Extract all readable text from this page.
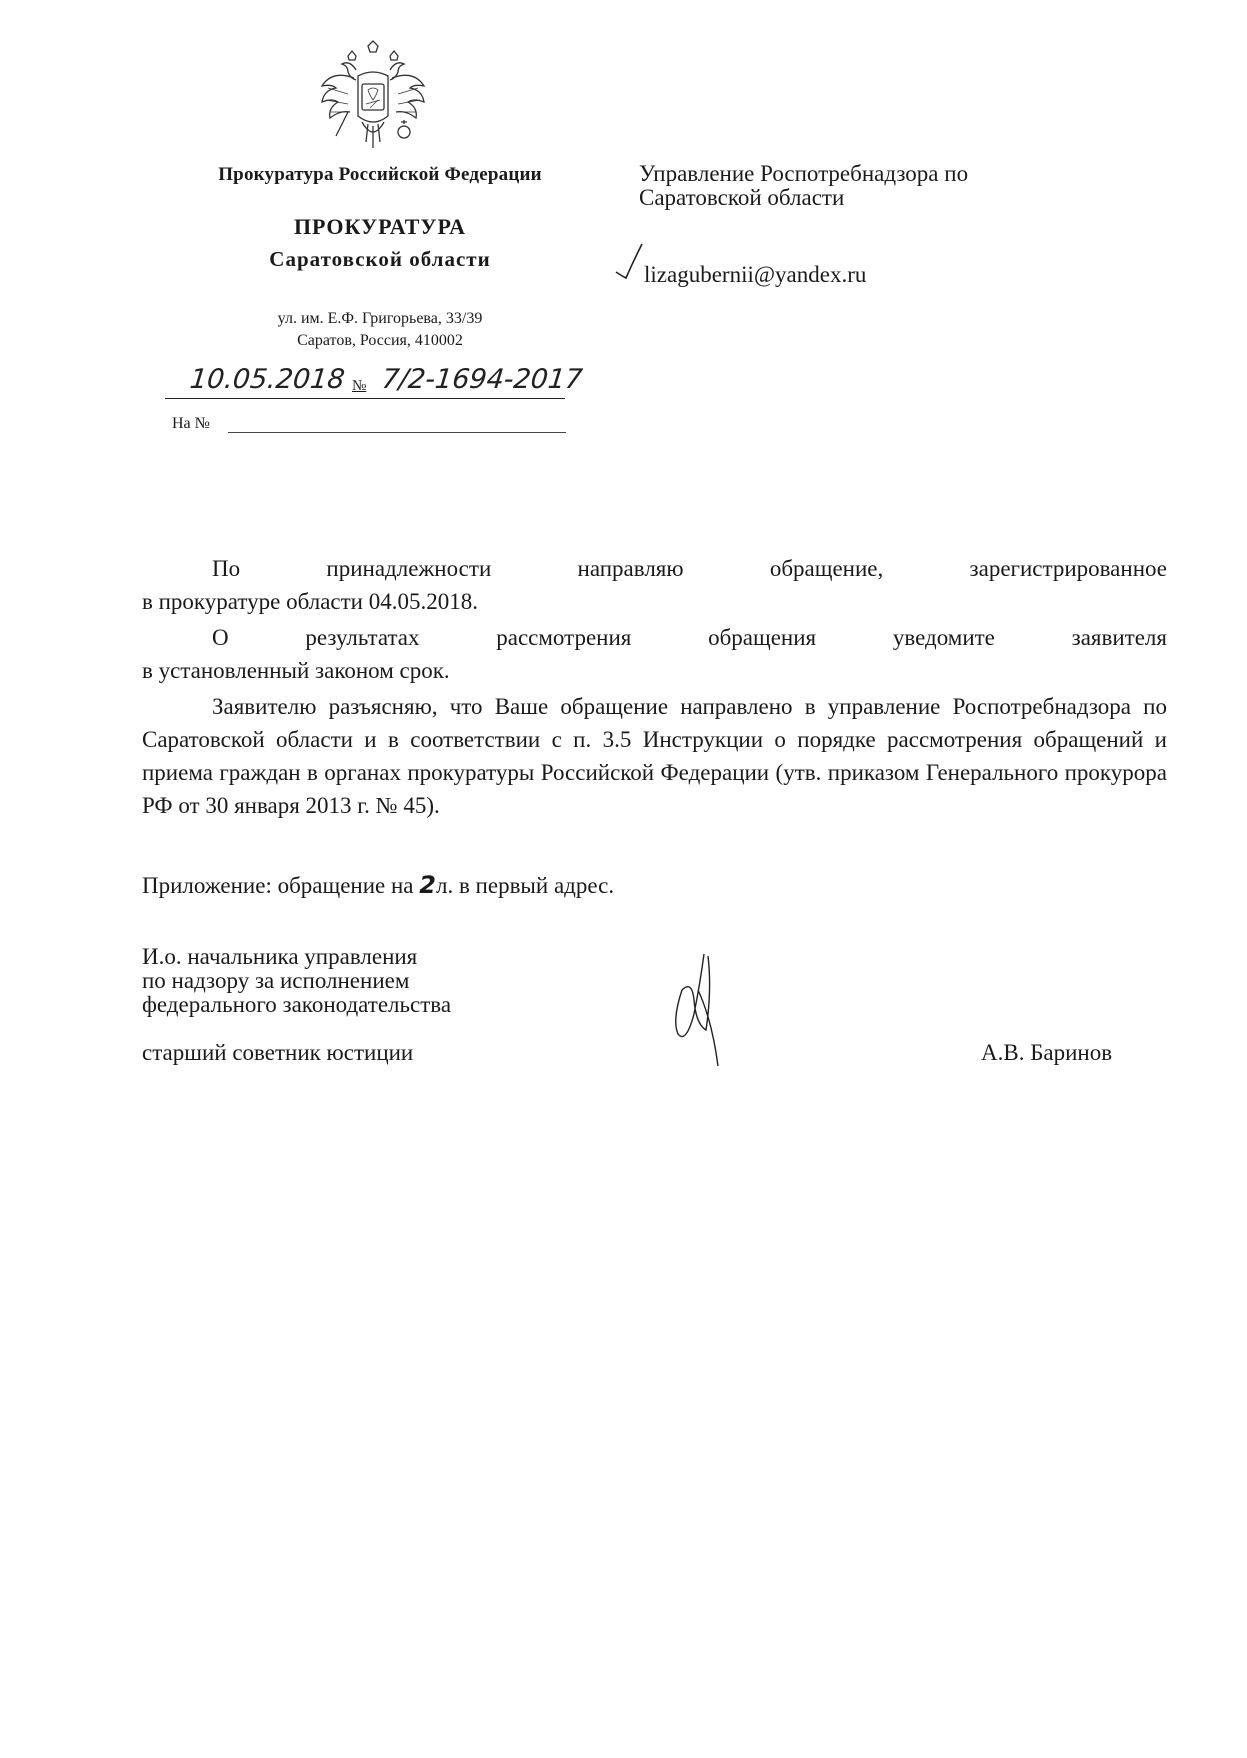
Прокуратура Российской Федерации
ПРОКУРАТУРА
Саратовской области
ул. им. Е.Ф. Григорьева, 33/39
Саратов, Россия, 410002
10.05.2018 № 7/2-1694-2017
На №
Управление Роспотребнадзора по
Саратовской области
lizagubernii@yandex.ru
По принадлежности направляю обращение, зарегистрированное
в прокуратуре области 04.05.2018.
О результатах рассмотрения обращения уведомите заявителя
в установленный законом срок.
Заявителю разъясняю, что Ваше обращение направлено в управление Роспотребнадзора по Саратовской области и в соответствии с п. 3.5 Инструкции о порядке рассмотрения обращений и приема граждан в органах прокуратуры Российской Федерации (утв. приказом Генерального прокурора РФ от 30 января 2013 г. № 45).
Приложение: обращение на 2л. в первый адрес.
И.о. начальника управления
по надзору за исполнением
федерального законодательства
старший советник юстиции	А.В. Баринов
